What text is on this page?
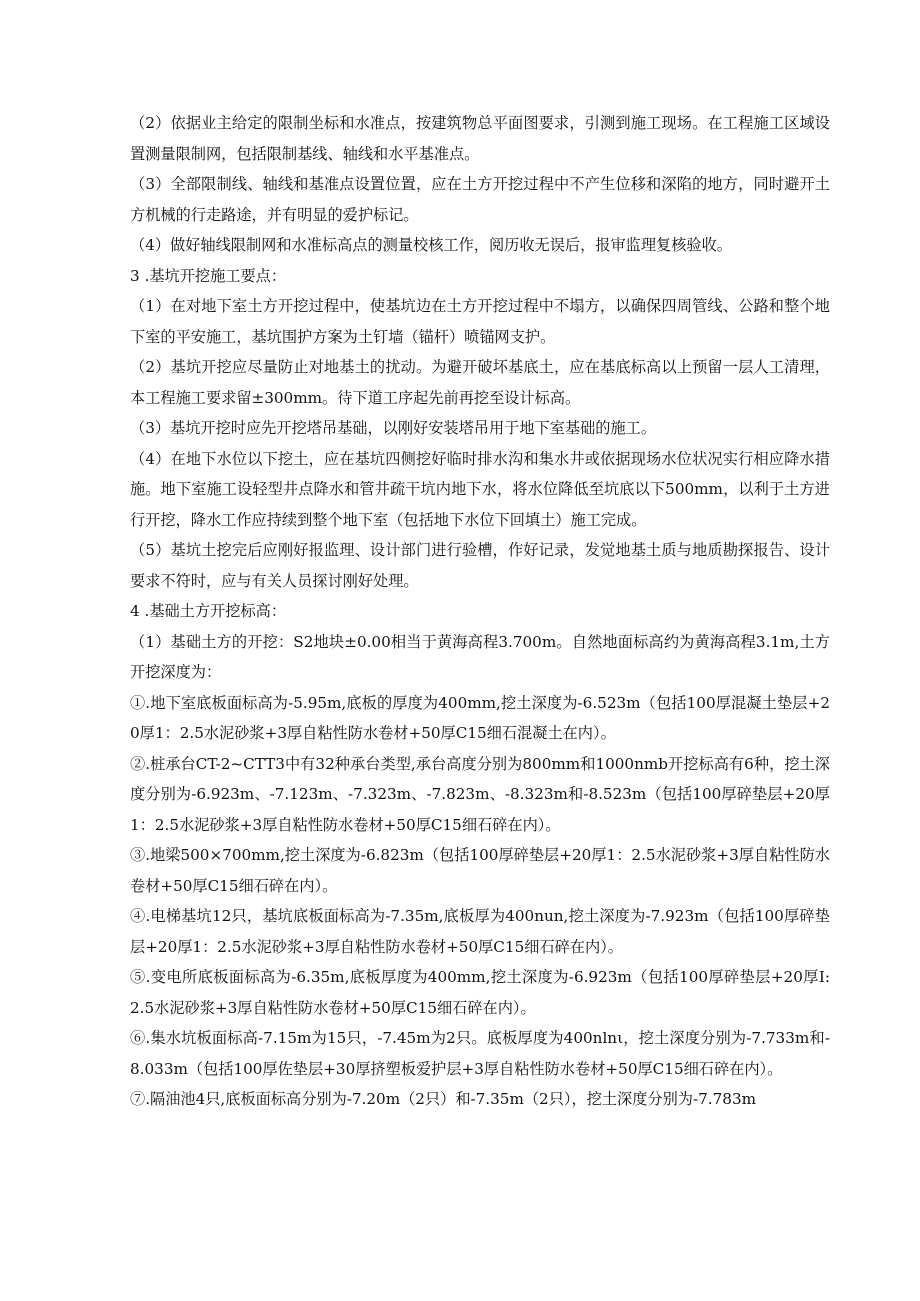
（2）依据业主给定的限制坐标和水准点，按建筑物总平面图要求，引测到施工现场。在工程施工区域设置测量限制网，包括限制基线、轴线和水平基准点。

（3）全部限制线、轴线和基准点设置位置，应在土方开挖过程中不产生位移和深陷的地方，同时避开土方机械的行走路途，并有明显的爱护标记。

（4）做好轴线限制网和水准标高点的测量校核工作，阅历收无误后，报审监理复核验收。

3 .基坑开挖施工要点：

（1）在对地下室土方开挖过程中，使基坑边在土方开挖过程中不塌方，以确保四周管线、公路和整个地下室的平安施工，基坑围护方案为土钉墙（锚杆）喷锚网支护。

（2）基坑开挖应尽量防止对地基土的扰动。为避开破坏基底土，应在基底标高以上预留一层人工清理，本工程施工要求留±300mm。待下道工序起先前再挖至设计标高。

（3）基坑开挖时应先开挖塔吊基础，以刚好安装塔吊用于地下室基础的施工。

（4）在地下水位以下挖土，应在基坑四侧挖好临时排水沟和集水井或依据现场水位状况实行相应降水措施。地下室施工设轻型井点降水和管井疏干坑内地下水，将水位降低至坑底以下500mm，以利于土方进行开挖，降水工作应持续到整个地下室（包括地下水位下回填土）施工完成。

（5）基坑土挖完后应刚好报监理、设计部门进行验槽，作好记录，发觉地基土质与地质勘探报告、设计要求不符时，应与有关人员探讨刚好处理。

4 .基础土方开挖标高：

（1）基础土方的开挖：S2地块±0.00相当于黄海高程3.700m。自然地面标高约为黄海高程3.1m,土方开挖深度为：

①.地下室底板面标高为-5.95m,底板的厚度为400mm,挖土深度为-6.523m（包括100厚混凝土垫层+20厚1：2.5水泥砂浆+3厚自粘性防水卷材+50厚C15细石混凝土在内）。

②.桩承台CT-2~CTT3中有32种承台类型,承台高度分别为800mm和1000nmb开挖标高有6种，挖土深度分别为-6.923m、-7.123m、-7.323m、-7.823m、-8.323m和-8.523m（包括100厚碎垫层+20厚1：2.5水泥砂浆+3厚自粘性防水卷材+50厚C15细石碎在内）。

③.地梁500×700mm,挖土深度为-6.823m（包括100厚碎垫层+20厚1：2.5水泥砂浆+3厚自粘性防水卷材+50厚C15细石碎在内）。

④.电梯基坑12只，基坑底板面标高为-7.35m,底板厚为400nun,挖土深度为-7.923m（包括100厚碎垫层+20厚1：2.5水泥砂浆+3厚自粘性防水卷材+50厚C15细石碎在内）。

⑤.变电所底板面标高为-6.35m,底板厚度为400mm,挖土深度为-6.923m（包括100厚碎垫层+20厚I:2.5水泥砂浆+3厚自粘性防水卷材+50厚C15细石碎在内）。

⑥.集水坑板面标高-7.15m为15只，-7.45m为2只。底板厚度为400nlnι，挖土深度分别为-7.733m和-8.033m（包括100厚佐垫层+30厚挤塑板爱护层+3厚自粘性防水卷材+50厚C15细石碎在内）。

⑦.隔油池4只,底板面标高分别为-7.20m（2只）和-7.35m（2只），挖土深度分别为-7.783m
